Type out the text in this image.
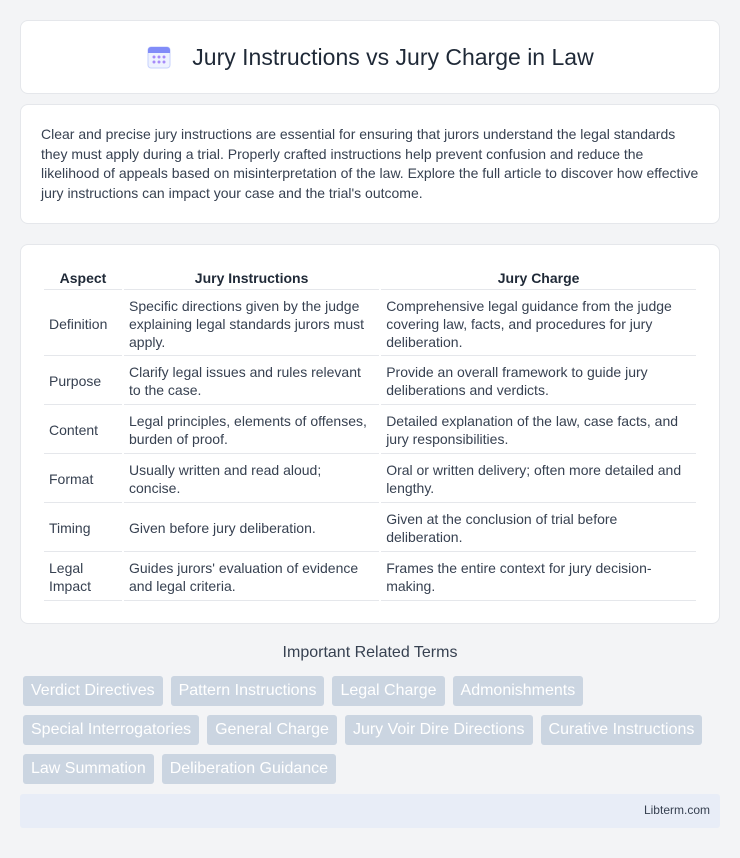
Jury Instructions vs Jury Charge in Law

Clear and precise jury instructions are essential for ensuring that jurors understand the legal standards they must apply during a trial. Properly crafted instructions help prevent confusion and reduce the likelihood of appeals based on misinterpretation of the law. Explore the full article to discover how effective jury instructions can impact your case and the trial's outcome.

Aspect	Jury Instructions	Jury Charge
Definition	Specific directions given by the judge explaining legal standards jurors must apply.	Comprehensive legal guidance from the judge covering law, facts, and procedures for jury deliberation.
Purpose	Clarify legal issues and rules relevant to the case.	Provide an overall framework to guide jury deliberations and verdicts.
Content	Legal principles, elements of offenses, burden of proof.	Detailed explanation of the law, case facts, and jury responsibilities.
Format	Usually written and read aloud; concise.	Oral or written delivery; often more detailed and lengthy.
Timing	Given before jury deliberation.	Given at the conclusion of trial before deliberation.
Legal Impact	Guides jurors' evaluation of evidence and legal criteria.	Frames the entire context for jury decision-making.
Important Related Terms
Verdict Directives	Pattern Instructions	Legal Charge	Admonishments
Special Interrogatories	General Charge	Jury Voir Dire Directions	Curative Instructions
Law Summation	Deliberation Guidance
Libterm.com
